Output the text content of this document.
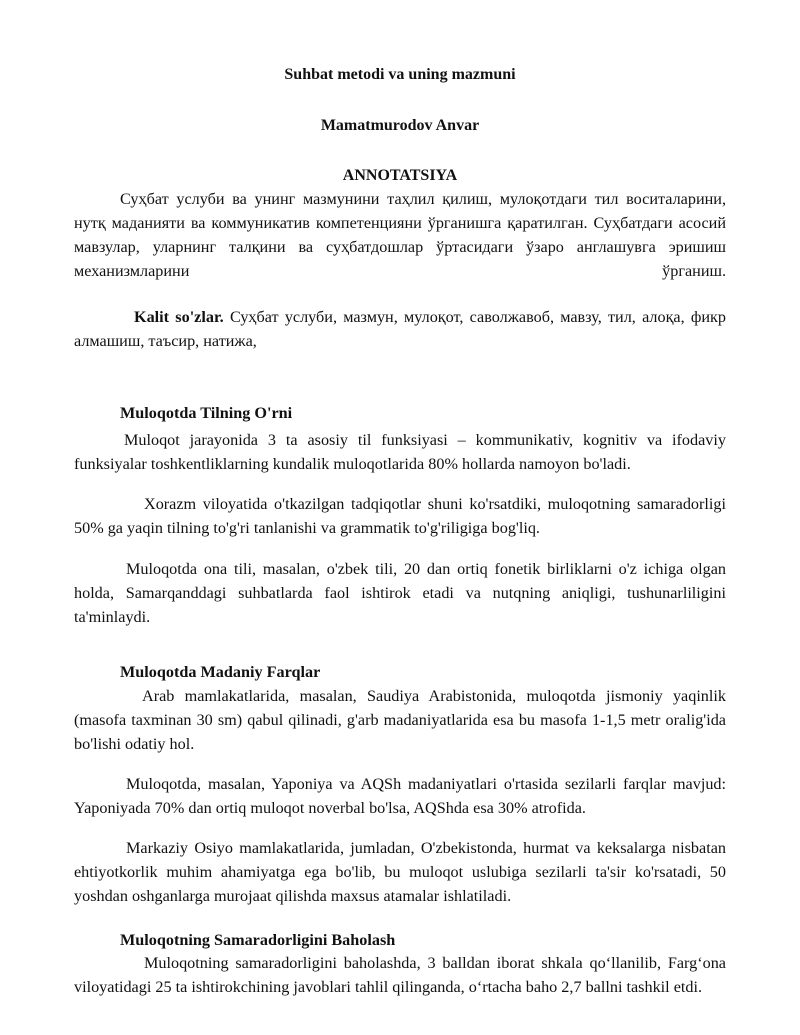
Suhbat metodi va uning mazmuni
Mamatmurodov Anvar
ANNOTATSIYA
Суҳбат услуби ва унинг мазмунини таҳлил қилиш, мулоқотдаги тил воситаларини, нутқ маданияти ва коммуникатив компетенцияни ўрганишга қаратилган. Суҳбатдаги асосий мавзулар, уларнинг талқини ва суҳбатдошлар ўртасидаги ўзаро англашувга эришиш механизмларини ўрганиш.
Kalit so'zlar. Суҳбат услуби, мазмун, мулоқот, саволжавоб, мавзу, тил, алоқа, фикр алмашиш, таъсир, натижа,
Muloqotda Tilning O'rni
Muloqot jarayonida 3 ta asosiy til funksiyasi – kommunikativ, kognitiv va ifodaviy funksiyalar toshkentliklarning kundalik muloqotlarida 80% hollarda namoyon bo'ladi.
Xorazm viloyatida o'tkazilgan tadqiqotlar shuni ko'rsatdiki, muloqotning samaradorligi 50% ga yaqin tilning to'g'ri tanlanishi va grammatik to'g'riligiga bog'liq.
Muloqotda ona tili, masalan, o'zbek tili, 20 dan ortiq fonetik birliklarni o'z ichiga olgan holda, Samarqanddagi suhbatlarda faol ishtirok etadi va nutqning aniqligi, tushunarliligini ta'minlaydi.
Muloqotda Madaniy Farqlar
Arab mamlakatlarida, masalan, Saudiya Arabistonida, muloqotda jismoniy yaqinlik (masofa taxminan 30 sm) qabul qilinadi, g'arb madaniyatlarida esa bu masofa 1-1,5 metr oralig'ida bo'lishi odatiy hol.
Muloqotda, masalan, Yaponiya va AQSh madaniyatlari o'rtasida sezilarli farqlar mavjud: Yaponiyada 70% dan ortiq muloqot noverbal bo'lsa, AQShda esa 30% atrofida.
Markaziy Osiyo mamlakatlarida, jumladan, O'zbekistonda, hurmat va keksalarga nisbatan ehtiyotkorlik muhim ahamiyatga ega bo'lib, bu muloqot uslubiga sezilarli ta'sir ko'rsatadi, 50 yoshdan oshganlarga murojaat qilishda maxsus atamalar ishlatiladi.
Muloqotning Samaradorligini Baholash
Muloqotning samaradorligini baholashda, 3 balldan iborat shkala qo‘llanilib, Farg‘ona viloyatidagi 25 ta ishtirokchining javoblari tahlil qilinganda, o‘rtacha baho 2,7 ballni tashkil etdi.
